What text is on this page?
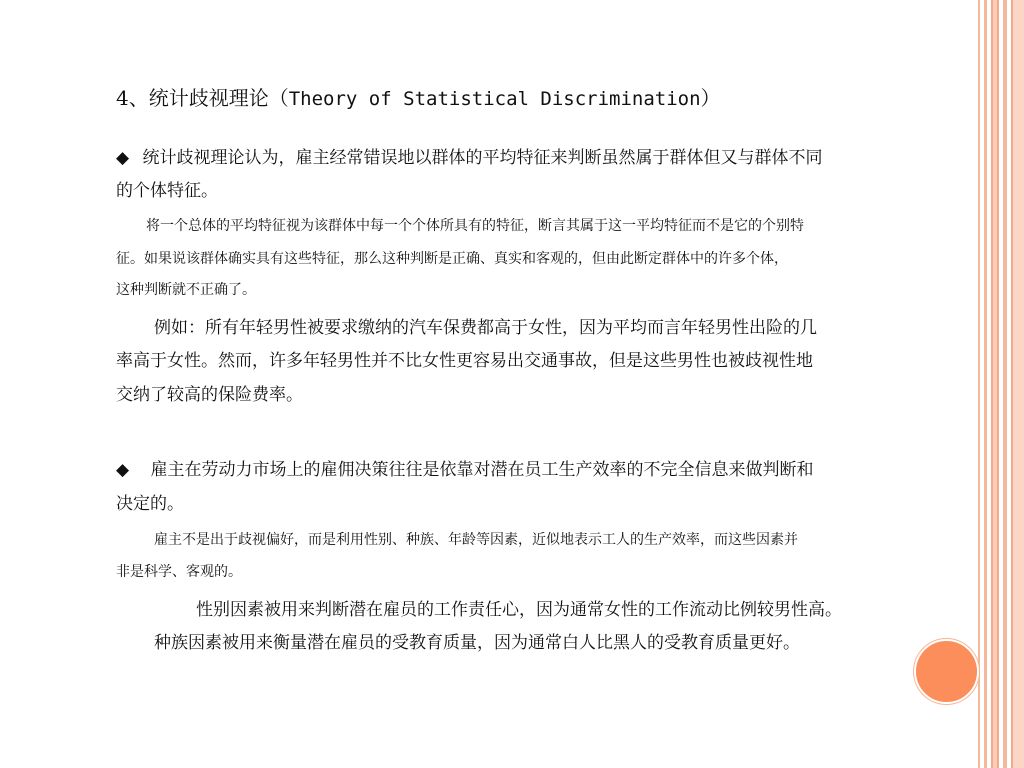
4、统计歧视理论（Theory of Statistical Discrimination）
◆ 统计歧视理论认为，雇主经常错误地以群体的平均特征来判断虽然属于群体但又与群体不同
的个体特征。
将一个总体的平均特征视为该群体中每一个个体所具有的特征，断言其属于这一平均特征而不是它的个别特
征。如果说该群体确实具有这些特征，那么这种判断是正确、真实和客观的，但由此断定群体中的许多个体，
这种判断就不正确了。
例如：所有年轻男性被要求缴纳的汽车保费都高于女性，因为平均而言年轻男性出险的几
率高于女性。然而，许多年轻男性并不比女性更容易出交通事故，但是这些男性也被歧视性地
交纳了较高的保险费率。
◆ 雇主在劳动力市场上的雇佣决策往往是依靠对潜在员工生产效率的不完全信息来做判断和
决定的。
雇主不是出于歧视偏好，而是利用性别、种族、年龄等因素，近似地表示工人的生产效率，而这些因素并
非是科学、客观的。
性别因素被用来判断潜在雇员的工作责任心，因为通常女性的工作流动比例较男性高。
种族因素被用来衡量潜在雇员的受教育质量，因为通常白人比黑人的受教育质量更好。
